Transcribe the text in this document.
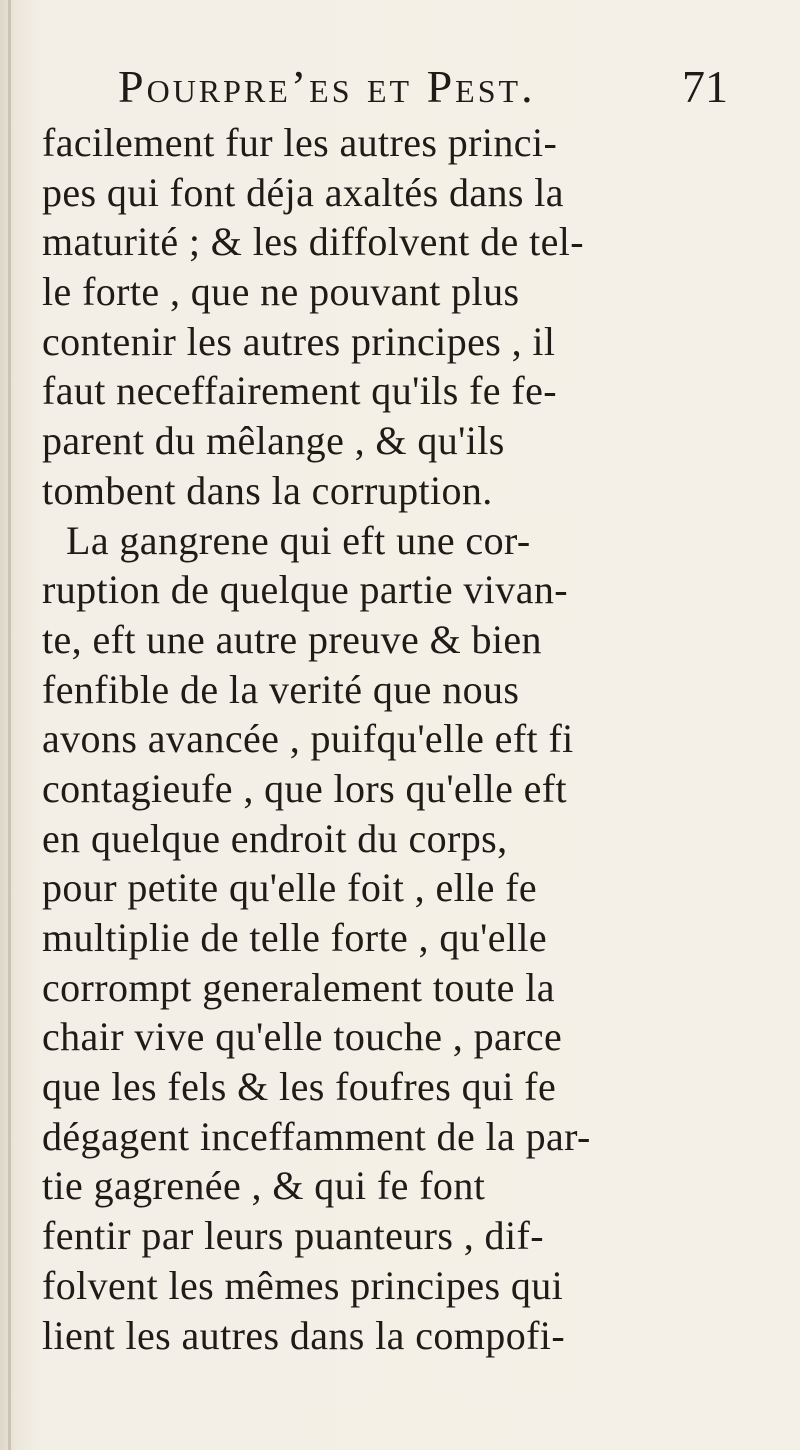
Pourpre’es et Pest.	71
facilement fur les autres princi-
pes qui font déja axaltés dans la
maturité ; & les diffolvent de tel-
le forte , que ne pouvant plus
contenir les autres principes , il
faut neceffairement qu'ils fe fe-
parent du mêlange , & qu'ils
tombent dans la corruption.
La gangrene qui eft une cor-
ruption de quelque partie vivan-
te, eft une autre preuve & bien
fenfible de la verité que nous
avons avancée , puifqu'elle eft fi
contagieufe , que lors qu'elle eft
en quelque endroit du corps,
pour petite qu'elle foit , elle fe
multiplie de telle forte , qu'elle
corrompt generalement toute la
chair vive qu'elle touche , parce
que les fels & les foufres qui fe
dégagent inceffamment de la par-
tie gagrenée , & qui fe font
fentir par leurs puanteurs , dif-
folvent les mêmes principes qui
lient les autres dans la compofi-
